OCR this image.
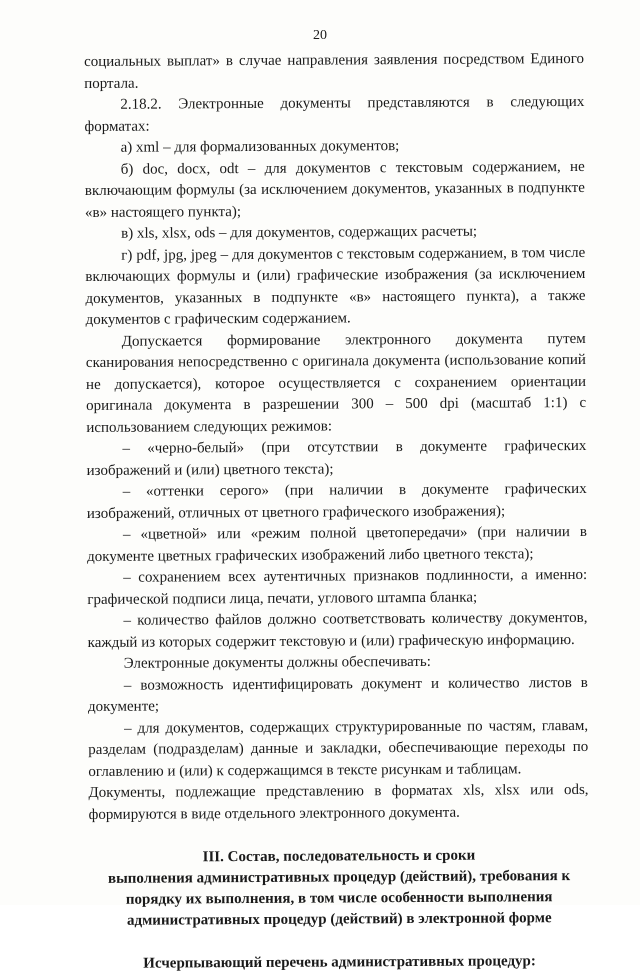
20

социальных выплат» в случае направления заявления посредством Единого портала.

2.18.2. Электронные документы представляются в следующих форматах:

а) xml – для формализованных документов;

б) doc, docx, odt – для документов с текстовым содержанием, не включающим формулы (за исключением документов, указанных в подпункте «в» настоящего пункта);

в) xls, xlsx, ods – для документов, содержащих расчеты;

г) pdf, jpg, jpeg – для документов с текстовым содержанием, в том числе включающих формулы и (или) графические изображения (за исключением документов, указанных в подпункте «в» настоящего пункта), а также документов с графическим содержанием.

Допускается формирование электронного документа путем сканирования непосредственно с оригинала документа (использование копий не допускается), которое осуществляется с сохранением ориентации оригинала документа в разрешении 300 – 500 dpi (масштаб 1:1) с использованием следующих режимов:

– «черно-белый» (при отсутствии в документе графических изображений и (или) цветного текста);

– «оттенки серого» (при наличии в документе графических изображений, отличных от цветного графического изображения);

– «цветной» или «режим полной цветопередачи» (при наличии в документе цветных графических изображений либо цветного текста);

– сохранением всех аутентичных признаков подлинности, а именно: графической подписи лица, печати, углового штампа бланка;

– количество файлов должно соответствовать количеству документов, каждый из которых содержит текстовую и (или) графическую информацию.

Электронные документы должны обеспечивать:

– возможность идентифицировать документ и количество листов в документе;

– для документов, содержащих структурированные по частям, главам, разделам (подразделам) данные и закладки, обеспечивающие переходы по оглавлению и (или) к содержащимся в тексте рисункам и таблицам.

Документы, подлежащие представлению в форматах xls, xlsx или ods, формируются в виде отдельного электронного документа.

III. Состав, последовательность и сроки
выполнения административных процедур (действий), требования к
порядку их выполнения, в том числе особенности выполнения
административных процедур (действий) в электронной форме
Исчерпывающий перечень административных процедур:
